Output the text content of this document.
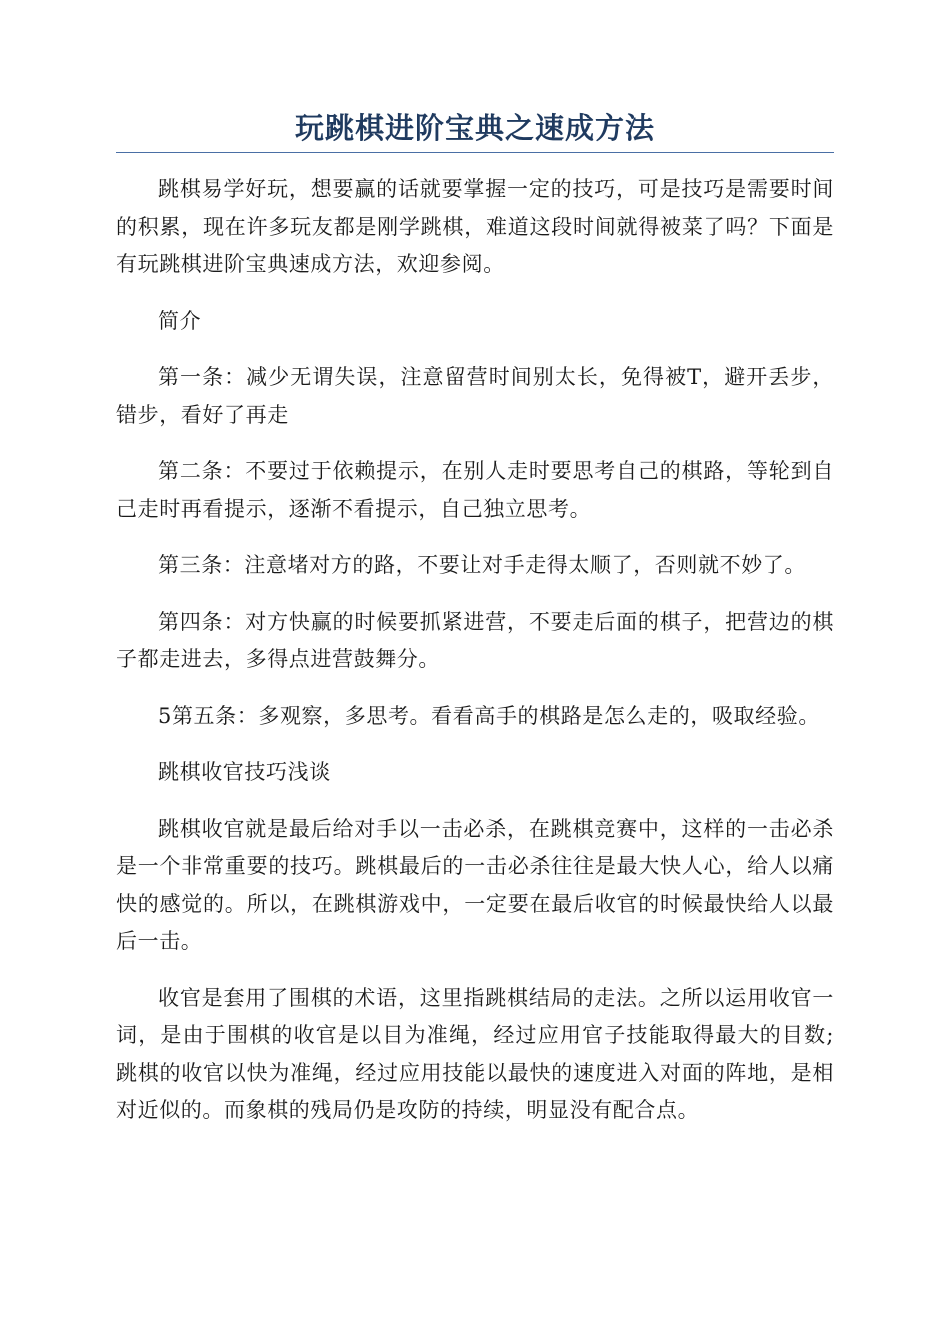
玩跳棋进阶宝典之速成方法

跳棋易学好玩，想要赢的话就要掌握一定的技巧，可是技巧是需要时间的积累，现在许多玩友都是刚学跳棋，难道这段时间就得被菜了吗？下面是有玩跳棋进阶宝典速成方法，欢迎参阅。

简介

第一条：减少无谓失误，注意留营时间别太长，免得被T，避开丢步，错步，看好了再走

第二条：不要过于依赖提示，在别人走时要思考自己的棋路，等轮到自己走时再看提示，逐渐不看提示，自己独立思考。

第三条：注意堵对方的路，不要让对手走得太顺了，否则就不妙了。

第四条：对方快赢的时候要抓紧进营，不要走后面的棋子，把营边的棋子都走进去，多得点进营鼓舞分。

5第五条：多观察，多思考。看看高手的棋路是怎么走的，吸取经验。

跳棋收官技巧浅谈

跳棋收官就是最后给对手以一击必杀，在跳棋竞赛中，这样的一击必杀是一个非常重要的技巧。跳棋最后的一击必杀往往是最大快人心，给人以痛快的感觉的。所以，在跳棋游戏中，一定要在最后收官的时候最快给人以最后一击。

收官是套用了围棋的术语，这里指跳棋结局的走法。之所以运用收官一词，是由于围棋的收官是以目为准绳，经过应用官子技能取得最大的目数;跳棋的收官以快为准绳，经过应用技能以最快的速度进入对面的阵地，是相对近似的。而象棋的残局仍是攻防的持续，明显没有配合点。
